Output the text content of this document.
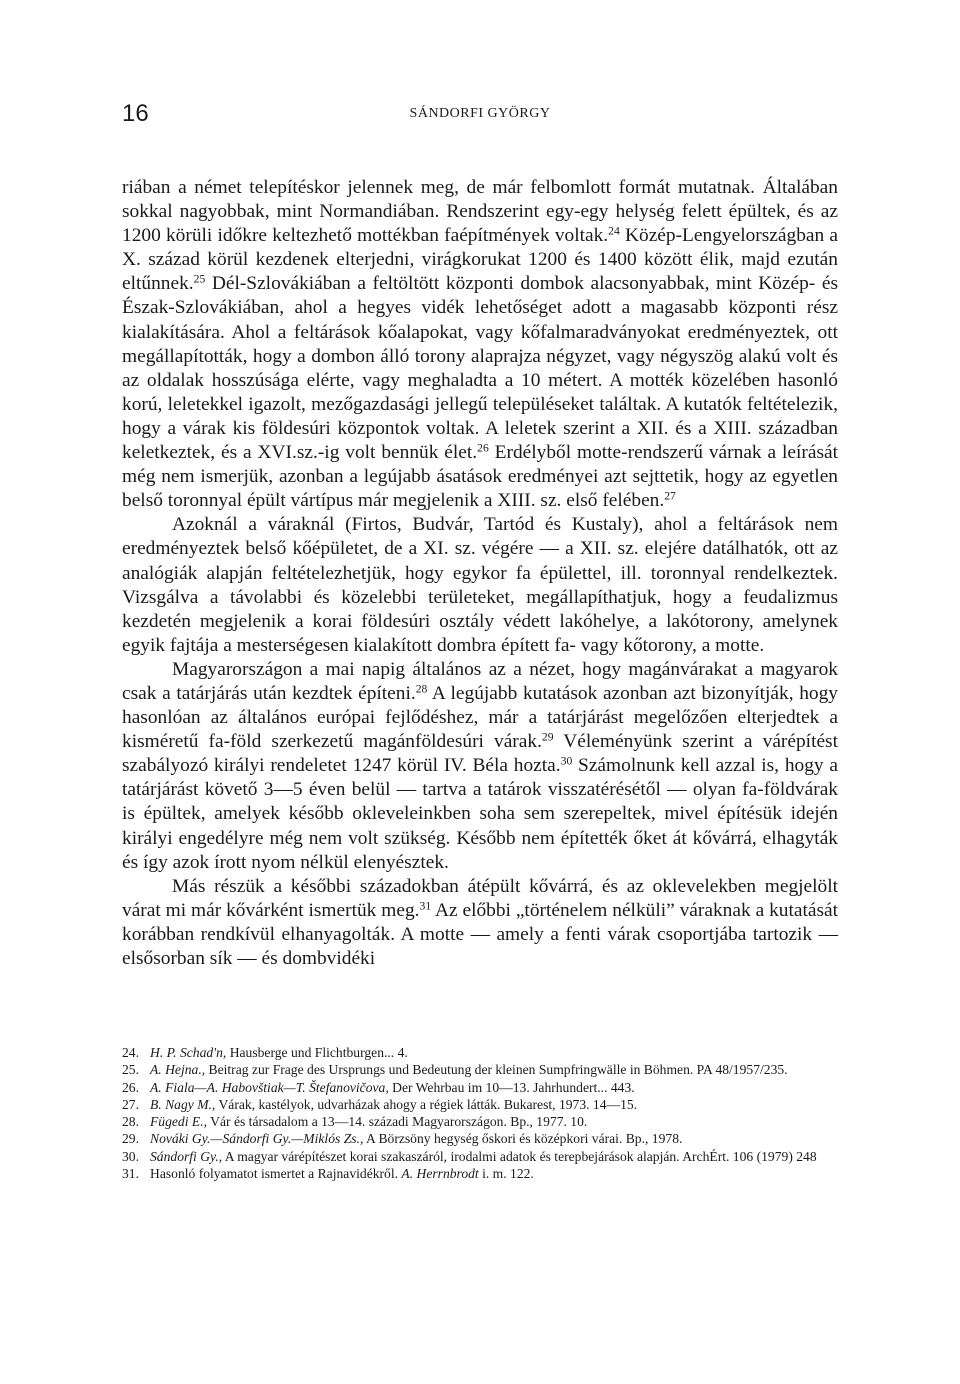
16	SÁNDORFI GYÖRGY

riában a német telepítéskor jelennek meg, de már felbomlott formát mutatnak. Általában sokkal nagyobbak, mint Normandiában. Rendszerint egy-egy helység felett épültek, és az 1200 körüli időkre keltezhető mottékban faépítmények voltak.$^{24}$ Közép-Lengyelországban a X. század körül kezdenek elterjedni, virágkorukat 1200 és 1400 között élik, majd ezután eltűnnek.$^{25}$ Dél-Szlovákiában a feltöltött központi dombok alacsonyabbak, mint Közép- és Észak-Szlovákiában, ahol a hegyes vidék lehetőséget adott a magasabb központi rész kialakítására. Ahol a feltárások kőalapokat, vagy kőfalmaradványokat eredményeztek, ott megállapították, hogy a dombon álló torony alaprajza négyzet, vagy négyszög alakú volt és az oldalak hosszúsága elérte, vagy meghaladta a 10 métert. A motték közelében hasonló korú, leletekkel igazolt, mezőgazdasági jellegű településeket találtak. A kutatók feltételezik, hogy a várak kis földesúri központok voltak. A leletek szerint a XII. és a XIII. században keletkeztek, és a XVI.sz.-ig volt bennük élet.$^{26}$ Erdélyből motte-rendszerű várnak a leírását még nem ismerjük, azonban a legújabb ásatások eredményei azt sejttetik, hogy az egyetlen belső toronnyal épült vártípus már megjelenik a XIII. sz. első felében.$^{27}$

Azoknál a váraknál (Firtos, Budvár, Tartód és Kustaly), ahol a feltárások nem eredményeztek belső kőépületet, de a XI. sz. végére — a XII. sz. elejére datálhatók, ott az analógiák alapján feltételezhetjük, hogy egykor fa épülettel, ill. toronnyal rendelkeztek. Vizsgálva a távolabbi és közelebbi területeket, megállapíthatjuk, hogy a feudalizmus kezdetén megjelenik a korai földesúri osztály védett lakóhelye, a lakótorony, amelynek egyik fajtája a mesterségesen kialakított dombra épített fa- vagy kőtorony, a motte.

Magyarországon a mai napig általános az a nézet, hogy magánvárakat a magyarok csak a tatárjárás után kezdtek építeni.$^{28}$ A legújabb kutatások azonban azt bizonyítják, hogy hasonlóan az általános európai fejlődéshez, már a tatárjárást megelőzően elterjedtek a kisméretű fa-föld szerkezetű magánföldesúri várak.$^{29}$ Véleményünk szerint a várépítést szabályozó királyi rendeletet 1247 körül IV. Béla hozta.$^{30}$ Számolnunk kell azzal is, hogy a tatárjárást követő 3—5 éven belül — tartva a tatárok visszatérésétől — olyan fa-földvárak is épültek, amelyek később okleveleinkben soha sem szerepeltek, mivel építésük idején királyi engedélyre még nem volt szükség. Később nem építették őket át kővárrá, elhagyták és így azok írott nyom nélkül elenyésztek.

Más részük a későbbi századokban átépült kővárrá, és az oklevelekben megjelölt várat mi már kővárként ismertük meg.$^{31}$ Az előbbi „történelem nélküli” váraknak a kutatását korábban rendkívül elhanyagolták. A motte — amely a fenti várak csoportjába tartozik — elsősorban sík — és dombvidéki

24. H. P. Schad'n, Hausberge und Flichtburgen... 4.
25. A. Hejna., Beitrag zur Frage des Ursprungs und Bedeutung der kleinen Sumpfringwälle in Böhmen. PA 48/1957/235.
26. A. Fiala—A. Habovštiak—T. Štefanovičova, Der Wehrbau im 10—13. Jahrhundert... 443.
27. B. Nagy M., Várak, kastélyok, udvarházak ahogy a régiek látták. Bukarest, 1973. 14—15.
28. Fügedi E., Vár és társadalom a 13—14. századi Magyarországon. Bp., 1977. 10.
29. Nováki Gy.—Sándorfi Gy.—Miklós Zs., A Börzsöny hegység őskori és középkori várai. Bp., 1978.
30. Sándorfi Gy., A magyar várépítészet korai szakaszáról, irodalmi adatok és terepbejárások alapján. ArchÉrt. 106 (1979) 248
31. Hasonló folyamatot ismertet a Rajnavidékről. A. Herrnbrodt i. m. 122.
